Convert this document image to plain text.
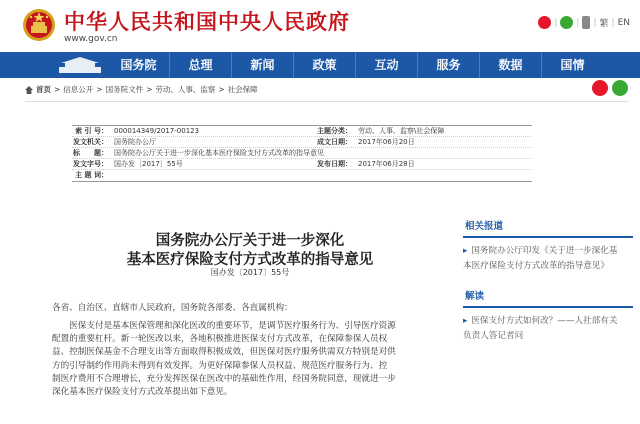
中华人民共和国中央人民政府
www.gov.cn
| | | 繁 | EN
国务院	总理	新闻	政策	互动	服务	数据	国情
首页 > 信息公开 > 国务院文件 > 劳动、人事、监察 > 社会保障
索 引 号： 000014349/2017-00123	主题分类： 劳动、人事、监察\社会保障
发文机关： 国务院办公厅	成文日期： 2017年06月20日
标　　题： 国务院办公厅关于进一步深化基本医疗保险支付方式改革的指导意见
发文字号： 国办发〔2017〕55号	发布日期： 2017年06月28日
主 题 词：
国务院办公厅关于进一步深化
基本医疗保险支付方式改革的指导意见
国办发〔2017〕55号
各省、自治区、直辖市人民政府，国务院各部委、各直属机构：
　　医保支付是基本医保管理和深化医改的重要环节，是调节医疗服务行为、引导医疗资源
配置的重要杠杆。新一轮医改以来，各地积极推进医保支付方式改革，在保障参保人员权
益、控制医保基金不合理支出等方面取得积极成效，但医保对医疗服务供需双方特别是对供
方的引导制约作用尚未得到有效发挥。为更好保障参保人员权益、规范医疗服务行为、控
制医疗费用不合理增长，充分发挥医保在医改中的基础性作用，经国务院同意，现就进一步
深化基本医疗保险支付方式改革提出如下意见。
相关报道
▸ 国务院办公厅印发《关于进一步深化基本医疗保险支付方式改革的指导意见》
解读
▸ 医保支付方式如何改？——人社部有关负责人答记者问
